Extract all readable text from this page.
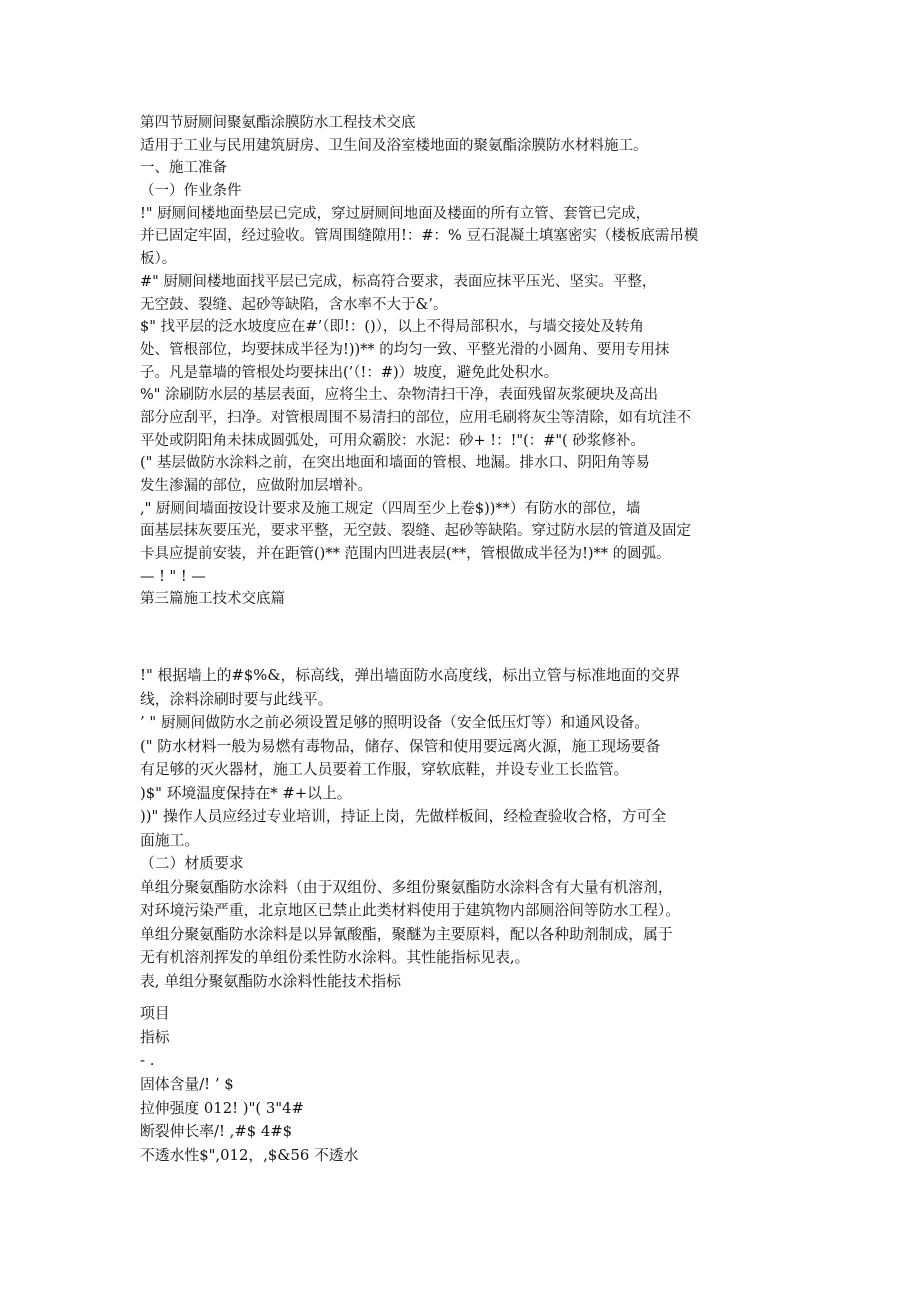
第四节厨厕间聚氨酯涂膜防水工程技术交底
适用于工业与民用建筑厨房、卫生间及浴室楼地面的聚氨酯涂膜防水材料施工。
一、施工准备
（一）作业条件
!" 厨厕间楼地面垫层已完成，穿过厨厕间地面及楼面的所有立管、套管已完成，
并已固定牢固，经过验收。管周围缝隙用!：#：% 豆石混凝土填塞密实（楼板底需吊模
板）。
#" 厨厕间楼地面找平层已完成，标高符合要求，表面应抹平压光、坚实。平整，
无空鼓、裂缝、起砂等缺陷，含水率不大于&’。
$" 找平层的泛水坡度应在#’（即!：()），以上不得局部积水，与墙交接处及转角
处、管根部位，均要抹成半径为!))** 的均匀一致、平整光滑的小圆角、要用专用抹
子。凡是靠墙的管根处均要抹出(’（!：#)）坡度，避免此处积水。
%" 涂刷防水层的基层表面，应将尘土、杂物清扫干净，表面残留灰浆硬块及高出
部分应刮平，扫净。对管根周围不易清扫的部位，应用毛刷将灰尘等清除，如有坑洼不
平处或阴阳角未抹成圆弧处，可用众霸胶：水泥：砂+ !：!"(：#"( 砂浆修补。
(" 基层做防水涂料之前，在突出地面和墙面的管根、地漏。排水口、阴阳角等易
发生渗漏的部位，应做附加层增补。
," 厨厕间墙面按设计要求及施工规定（四周至少上卷$))**）有防水的部位，墙
面基层抹灰要压光，要求平整，无空鼓、裂缝、起砂等缺陷。穿过防水层的管道及固定
卡具应提前安装，并在距管()** 范围内凹进表层(**，管根做成半径为!)** 的圆弧。
— ! " ! —
第三篇施工技术交底篇
!" 根据墙上的#$%&，标高线，弹出墙面防水高度线，标出立管与标准地面的交界
线，涂料涂刷时要与此线平。
’ " 厨厕间做防水之前必须设置足够的照明设备（安全低压灯等）和通风设备。
(" 防水材料一般为易燃有毒物品，储存、保管和使用要远离火源，施工现场要备
有足够的灭火器材，施工人员要着工作服，穿软底鞋，并设专业工长监管。
)$" 环境温度保持在* #+以上。
))" 操作人员应经过专业培训，持证上岗，先做样板间，经检查验收合格，方可全
面施工。
（二）材质要求
单组分聚氨酯防水涂料（由于双组份、多组份聚氨酯防水涂料含有大量有机溶剂，
对环境污染严重，北京地区已禁止此类材料使用于建筑物内部厕浴间等防水工程）。
单组分聚氨酯防水涂料是以异氰酸酯，聚醚为主要原料，配以各种助剂制成，属于
无有机溶剂挥发的单组份柔性防水涂料。其性能指标见表,。
表, 单组分聚氨酯防水涂料性能技术指标
项目
指标
- .
固体含量/! ’ $
拉伸强度 012! )"( 3"4#
断裂伸长率/! ,#$ 4#$
不透水性$",012，,$&56 不透水
